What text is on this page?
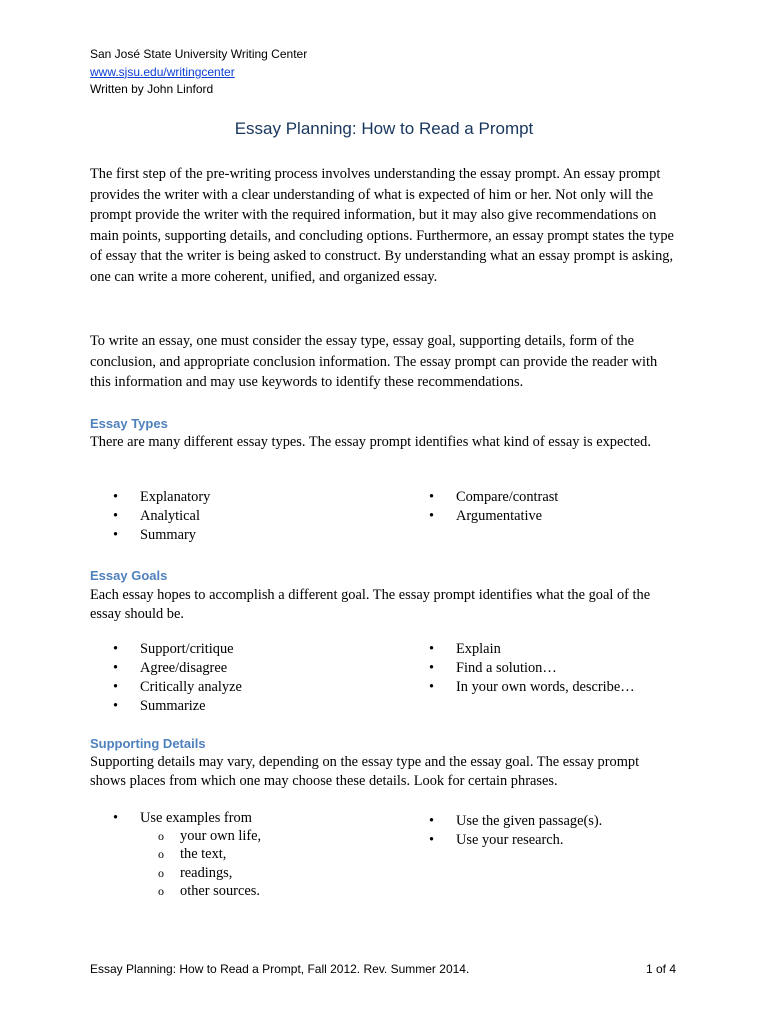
San José State University Writing Center
www.sjsu.edu/writingcenter
Written by John Linford
Essay Planning: How to Read a Prompt
The first step of the pre-writing process involves understanding the essay prompt. An essay prompt provides the writer with a clear understanding of what is expected of him or her. Not only will the prompt provide the writer with the required information, but it may also give recommendations on main points, supporting details, and concluding options. Furthermore, an essay prompt states the type of essay that the writer is being asked to construct. By understanding what an essay prompt is asking, one can write a more coherent, unified, and organized essay.
To write an essay, one must consider the essay type, essay goal, supporting details, form of the conclusion, and appropriate conclusion information. The essay prompt can provide the reader with this information and may use keywords to identify these recommendations.
Essay Types
There are many different essay types. The essay prompt identifies what kind of essay is expected.
• Explanatory
• Analytical
• Summary
• Compare/contrast
• Argumentative
Essay Goals
Each essay hopes to accomplish a different goal. The essay prompt identifies what the goal of the essay should be.
• Support/critique
• Agree/disagree
• Critically analyze
• Summarize
• Explain
• Find a solution…
• In your own words, describe…
Supporting Details
Supporting details may vary, depending on the essay type and the essay goal. The essay prompt shows places from which one may choose these details. Look for certain phrases.
• Use examples from
o your own life,
o the text,
o readings,
o other sources.
• Use the given passage(s).
• Use your research.
Essay Planning: How to Read a Prompt, Fall 2012. Rev. Summer 2014.	1 of 4
